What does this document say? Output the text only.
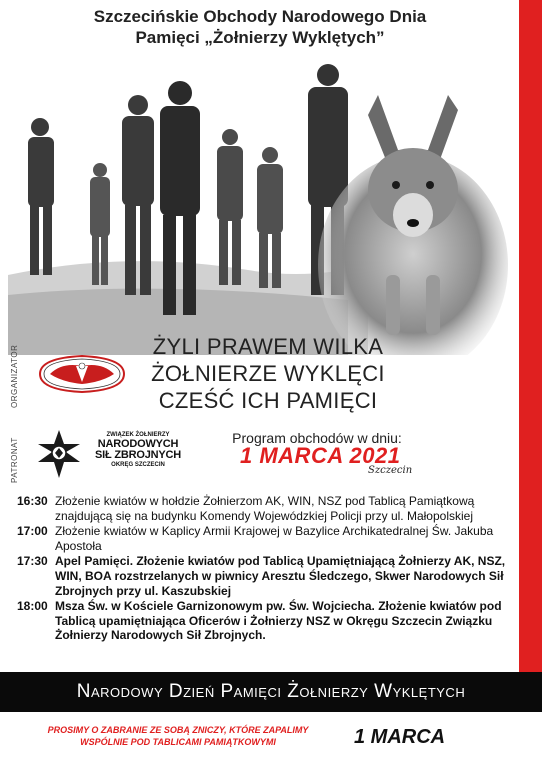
Szczecińskie Obchody Narodowego Dnia
Pamięci „Żołnierzy Wyklętych”
ŻYLI PRAWEM WILKA
ŻOŁNIERZE WYKLĘCI
CZEŚĆ ICH PAMIĘCI
ORGANIZATOR
PATRONAT
ZWIĄZEK ŻOŁNIERZY
NARODOWYCH
SIŁ ZBROJNYCH
OKRĘG SZCZECIN
Program obchodów w dniu:
1 MARCA 2021
Szczecin
16:30 Złożenie kwiatów w hołdzie Żołnierzom AK, WIN, NSZ pod Tablicą Pamiątkową znajdującą się na budynku Komendy Wojewódzkiej Policji przy ul. Małopolskiej
17:00 Złożenie kwiatów w Kaplicy Armii Krajowej w Bazylice Archikatedralnej Św. Jakuba Apostoła
17:30 Apel Pamięci. Złożenie kwiatów pod Tablicą Upamiętniającą Żołnierzy AK, NSZ, WIN, BOA rozstrzelanych w piwnicy Aresztu Śledczego, Skwer Narodowych Sił Zbrojnych przy ul. Kaszubskiej
18:00 Msza Św. w Kościele Garnizonowym pw. Św. Wojciecha. Złożenie kwiatów pod Tablicą upamiętniająca Oficerów i Żołnierzy NSZ w Okręgu Szczecin Związku Żołnierzy Narodowych Sił Zbrojnych.
Narodowy Dzień Pamięci Żołnierzy Wyklętych
PROSIMY O ZABRANIE ZE SOBĄ ZNICZY, KTÓRE ZAPALIMY
WSPÓLNIE POD TABLICAMI PAMIĄTKOWYMI	1 MARCA
